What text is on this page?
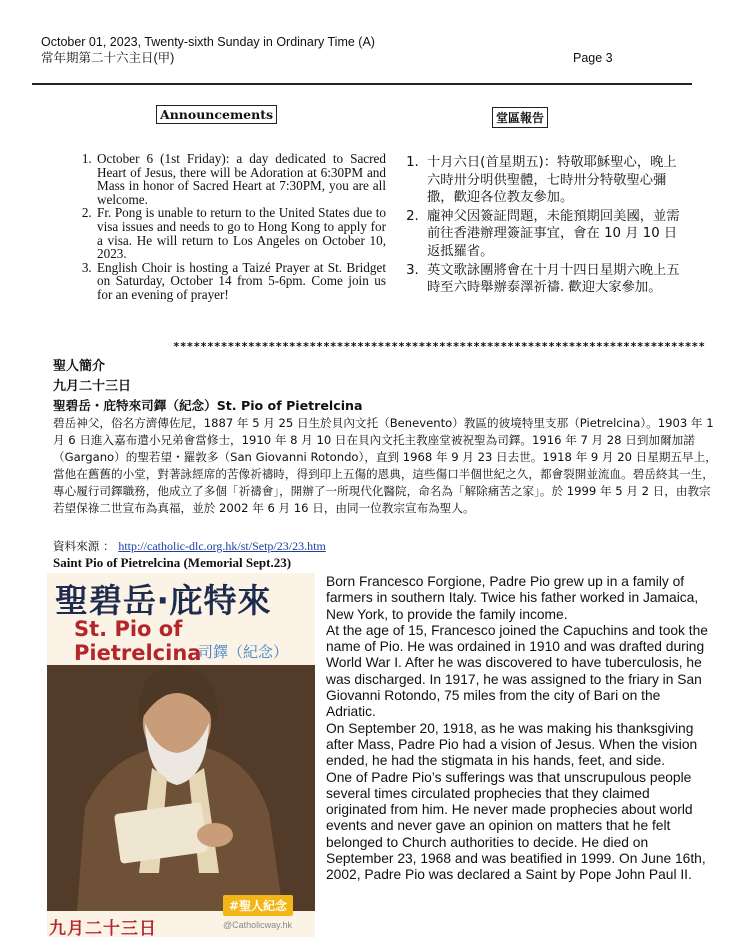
October 01, 2023, Twenty-sixth Sunday in Ordinary Time (A)
常年期第二十六主日(甲)	Page 3
Announcements	堂區報告
1. October 6 (1st Friday): a day dedicated to Sacred Heart of Jesus, there will be Adoration at 6:30PM and Mass in honor of Sacred Heart at 7:30PM, you are all welcome.
2. Fr. Pong is unable to return to the United States due to visa issues and needs to go to Hong Kong to apply for a visa. He will return to Los Angeles on October 10, 2023.
3. English Choir is hosting a Taizé Prayer at St. Bridget on Saturday, October 14 from 5-6pm. Come join us for an evening of prayer!
1. 十月六日(首星期五)：特敬耶穌聖心，晚上六時卅分明供聖體，七時卅分特敬聖心彌撒，歡迎各位教友參加。
2. 龐神父因簽証問題，未能預期回美國，並需前往香港辦理簽証事宜，會在 10 月 10 日返抵羅省。
3. 英文歌詠團將會在十月十四日星期六晚上五時至六時舉辦泰澤祈禱. 歡迎大家參加。
******************************************************************************
聖人簡介
九月二十三日
聖碧岳・庇特來司鐸（紀念）St. Pio of Pietrelcina
碧岳神父，俗名方濟傳佐尼，1887 年 5 月 25 日生於貝內文托（Benevento）教區的彼境特里支那（Pietrelcina）。1903 年 1 月 6 日進入嘉布遣小兄弟會當修士，1910 年 8 月 10 日在貝內文托主教座堂被祝聖為司鐸。1916 年 7 月 28 日到加爾加諾（Gargano）的聖若望・羅敦多（San Giovanni Rotondo），直到 1968 年 9 月 23 日去世。1918 年 9 月 20 日星期五早上，當他在舊舊的小堂，對著詠經席的苦像祈禱時，得到印上五傷的恩典，這些傷口半個世紀之久，都會裂開並流血。碧岳終其一生，專心履行司鐸職務，他成立了多個「祈禱會」，開辦了一所現代化醫院，命名為「解除痛苦之家」。於 1999 年 5 月 2 日，由教宗若望保祿二世宣布為真福，並於 2002 年 6 月 16 日，由同一位教宗宣布為聖人。
資料來源 ： http://catholic-dlc.org.hk/st/Setp/23/23.htm
Saint Pio of Pietrelcina (Memorial Sept.23)
聖碧岳‧庇特來
St. Pio of Pietrelcina
司鐸（紀念）
#聖人紀念
九月二十三日	@Catholicway.hk

Born Francesco Forgione, Padre Pio grew up in a family of farmers in southern Italy. Twice his father worked in Jamaica, New York, to provide the family income.

At the age of 15, Francesco joined the Capuchins and took the name of Pio. He was ordained in 1910 and was drafted during World War I. After he was discovered to have tuberculosis, he was discharged. In 1917, he was assigned to the friary in San Giovanni Rotondo, 75 miles from the city of Bari on the Adriatic.

On September 20, 1918, as he was making his thanksgiving after Mass, Padre Pio had a vision of Jesus. When the vision ended, he had the stigmata in his hands, feet, and side.

One of Padre Pio’s sufferings was that unscrupulous people several times circulated prophecies that they claimed originated from him. He never made prophecies about world events and never gave an opinion on matters that he felt belonged to Church authorities to decide. He died on September 23, 1968 and was beatified in 1999. On June 16th, 2002, Padre Pio was declared a Saint by Pope John Paul II.
